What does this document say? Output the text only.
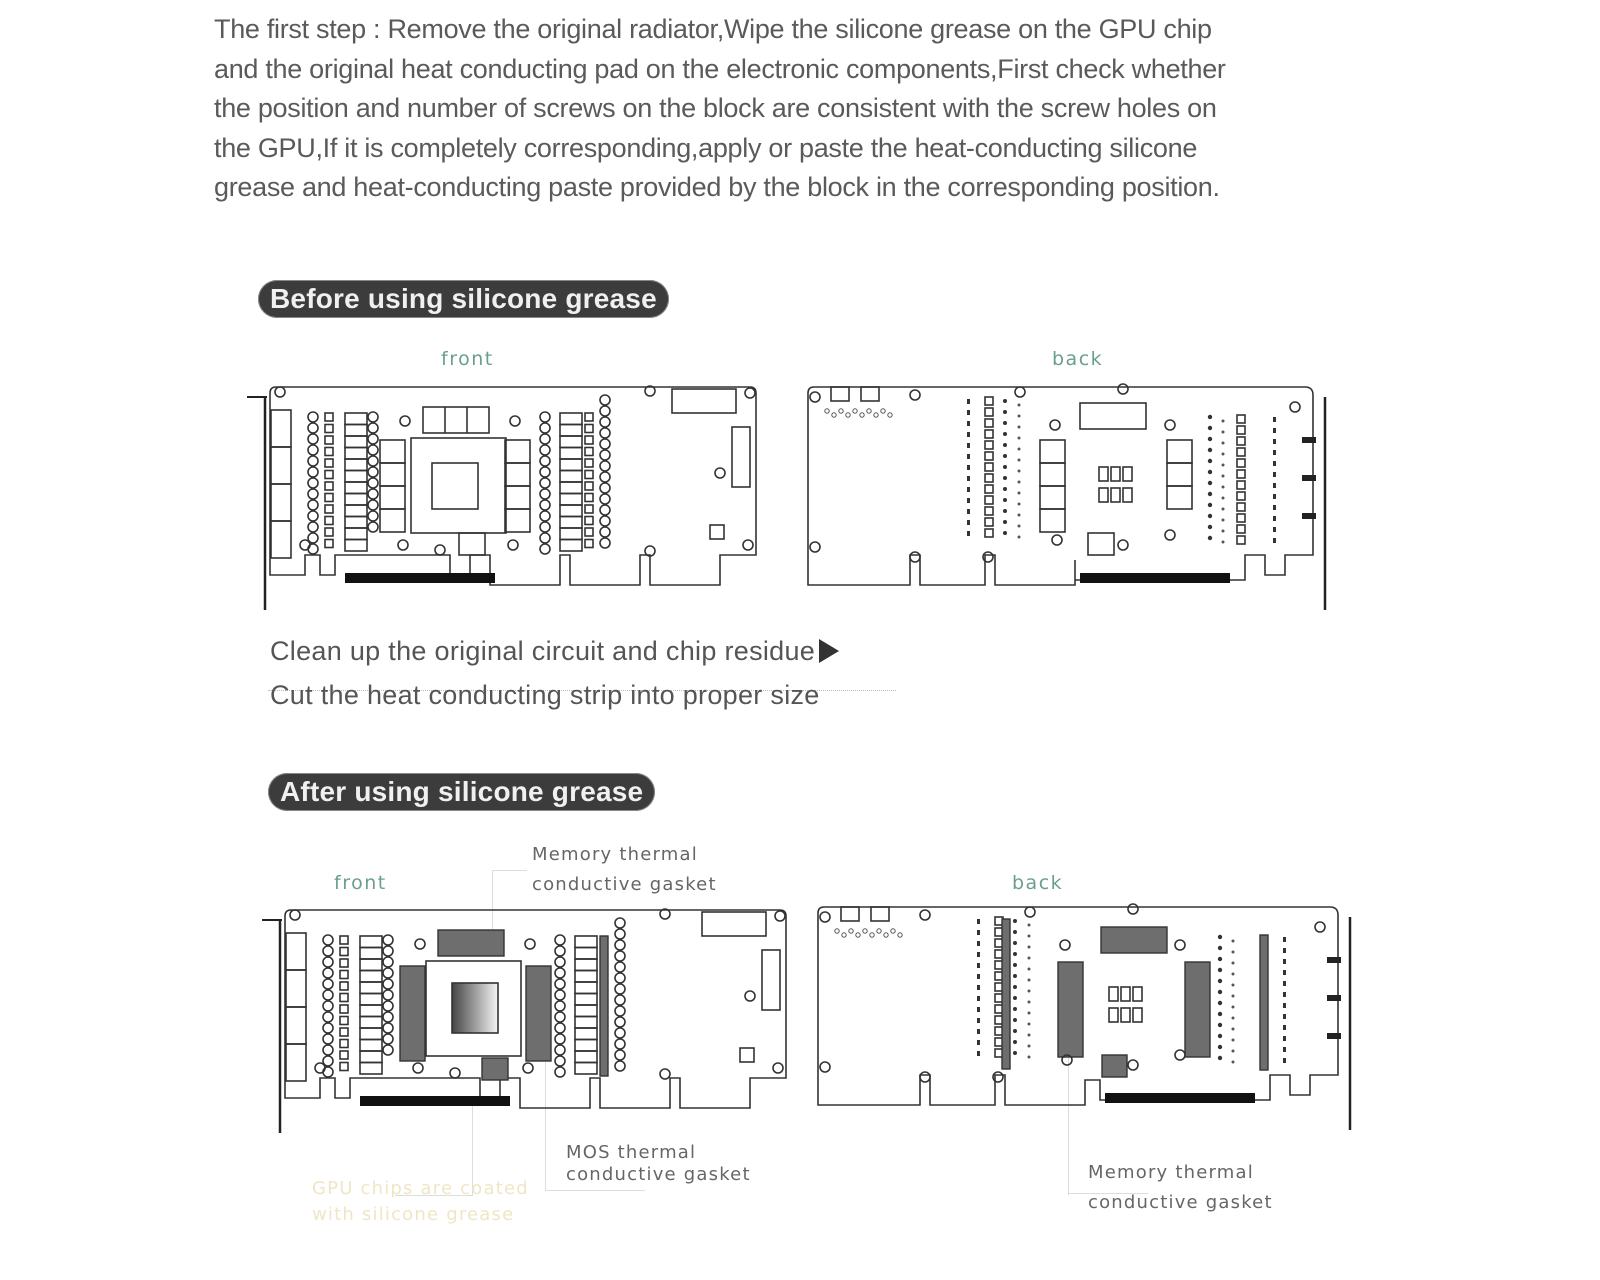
The first step : Remove the original radiator,Wipe the silicone grease on the GPU chip
and the original heat conducting pad on the electronic components,First check whether
the position and number of screws on the block are consistent with the screw holes on
the GPU,If it is completely corresponding,apply or paste the heat-conducting silicone
grease and heat-conducting paste provided by the block in the corresponding position.
Before using silicone grease
front	back
Clean up the original circuit and chip residue
Cut the heat conducting strip into proper size
After using silicone grease
Memory thermal
conductive gasket
front	back
MOS thermal
conductive gasket
GPU chips are coated
with silicone grease
Memory thermal
conductive gasket
